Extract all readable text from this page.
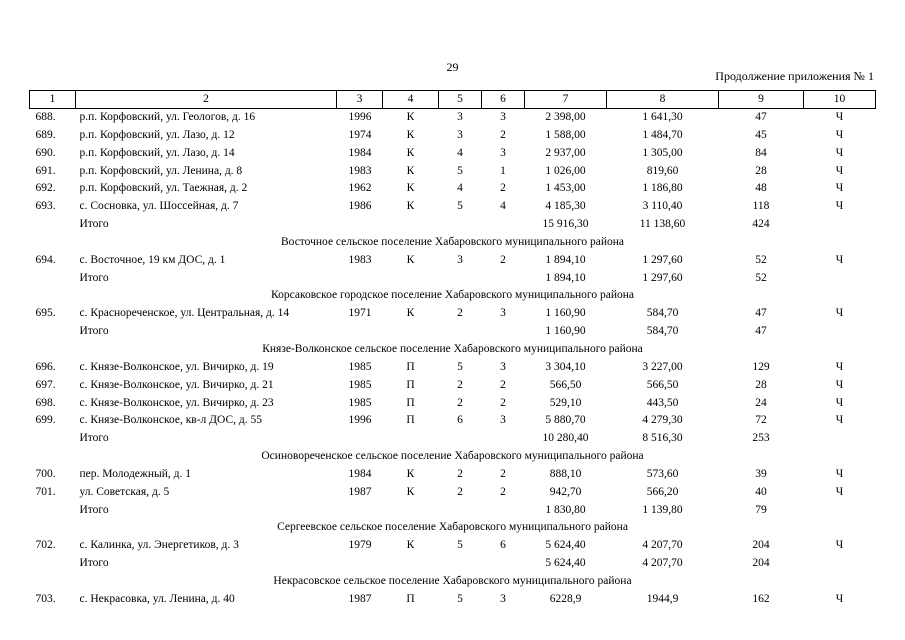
29
Продолжение приложения № 1
1	2	3	4	5	6	7	8	9	10
688.	р.п. Корфовский, ул. Геологов, д. 16	1996	К	3	3	2 398,00	1 641,30	47	Ч
689.	р.п. Корфовский, ул. Лазо, д. 12	1974	К	3	2	1 588,00	1 484,70	45	Ч
690.	р.п. Корфовский, ул. Лазо, д. 14	1984	К	4	3	2 937,00	1 305,00	84	Ч
691.	р.п. Корфовский, ул. Ленина, д. 8	1983	К	5	1	1 026,00	819,60	28	Ч
692.	р.п. Корфовский, ул. Таежная, д. 2	1962	К	4	2	1 453,00	1 186,80	48	Ч
693.	с. Сосновка, ул. Шоссейная, д. 7	1986	К	5	4	4 185,30	3 110,40	118	Ч
	Итого					15 916,30	11 138,60	424	
Восточное сельское поселение Хабаровского муниципального района									
694.	с. Восточное, 19 км ДОС, д. 1	1983	К	3	2	1 894,10	1 297,60	52	Ч
	Итого					1 894,10	1 297,60	52	
Корсаковское городское поселение Хабаровского муниципального района									
695.	с. Краснореченское, ул. Центральная, д. 14	1971	К	2	3	1 160,90	584,70	47	Ч
	Итого					1 160,90	584,70	47	
Князе-Волконское сельское поселение Хабаровского муниципального района									
696.	с. Князе-Волконское, ул. Вичирко, д. 19	1985	П	5	3	3 304,10	3 227,00	129	Ч
697.	с. Князе-Волконское, ул. Вичирко, д. 21	1985	П	2	2	566,50	566,50	28	Ч
698.	с. Князе-Волконское, ул. Вичирко, д. 23	1985	П	2	2	529,10	443,50	24	Ч
699.	с. Князе-Волконское, кв-л ДОС, д. 55	1996	П	6	3	5 880,70	4 279,30	72	Ч
	Итого					10 280,40	8 516,30	253	
Осиновореченское сельское поселение Хабаровского муниципального района									
700.	пер. Молодежный, д. 1	1984	К	2	2	888,10	573,60	39	Ч
701.	ул. Советская, д. 5	1987	К	2	2	942,70	566,20	40	Ч
	Итого					1 830,80	1 139,80	79	
Сергеевское сельское поселение Хабаровского муниципального района									
702.	с. Калинка, ул. Энергетиков, д. 3	1979	К	5	6	5 624,40	4 207,70	204	Ч
	Итого					5 624,40	4 207,70	204	
Некрасовское сельское поселение Хабаровского муниципального района									
703.	с. Некрасовка, ул. Ленина, д. 40	1987	П	5	3	6228,9	1944,9	162	Ч
